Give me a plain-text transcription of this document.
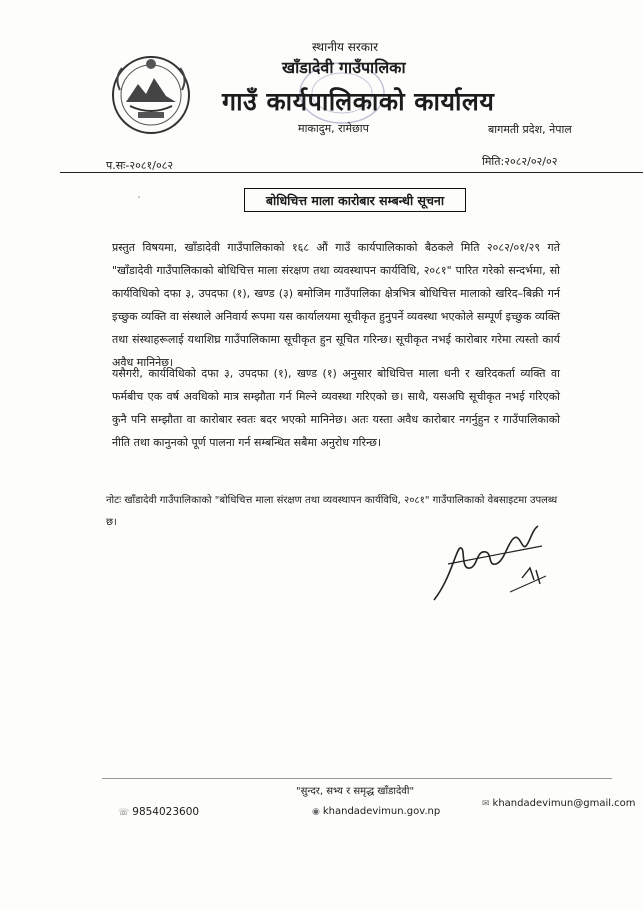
स्थानीय सरकार
खाँडादेवी गाउँपालिका
गाउँ कार्यपालिकाको कार्यालय
माकादुम, रामेछाप	बागमती प्रदेश, नेपाल
प.सः-२०८१/०८२	मिति:२०८२/०२/०२
बोधिचित्त माला कारोबार सम्बन्धी सूचना
ˊ
प्रस्तुत विषयमा, खाँडादेवी गाउँपालिकाको १६८ औं गाउँ कार्यपालिकाको बैठकले मिति २०८२/०१/२९ गते "खाँडादेवी गाउँपालिकाको बोधिचित्त माला संरक्षण तथा व्यवस्थापन कार्यविधि, २०८१" पारित गरेको सन्दर्भमा, सो कार्यविधिको दफा ३, उपदफा (१), खण्ड (३) बमोजिम गाउँपालिका क्षेत्रभित्र बोधिचित्त मालाको खरिद–बिक्री गर्न इच्छुक व्यक्ति वा संस्थाले अनिवार्य रूपमा यस कार्यालयमा सूचीकृत हुनुपर्ने व्यवस्था भएकोले सम्पूर्ण इच्छुक व्यक्ति तथा संस्थाहरूलाई यथाशिघ्र गाउँपालिकामा सूचीकृत हुन सूचित गरिन्छ। सूचीकृत नभई कारोबार गरेमा त्यस्तो कार्य अवैध मानिनेछ।
यसैगरी, कार्यविधिको दफा ३, उपदफा (१), खण्ड (१) अनुसार बोधिचित्त माला धनी र खरिदकर्ता व्यक्ति वा फर्मबीच एक वर्ष अवधिको मात्र सम्झौता गर्न मिल्ने व्यवस्था गरिएको छ। साथै, यसअघि सूचीकृत नभई गरिएको कुनै पनि सम्झौता वा कारोबार स्वतः बदर भएको मानिनेछ। अतः यस्ता अवैध कारोबार नगर्नुहुन र गाउँपालिकाको नीति तथा कानुनको पूर्ण पालना गर्न सम्बन्धित सबैमा अनुरोध गरिन्छ।
नोटः खाँडादेवी गाउँपालिकाको "बोधिचित्त माला संरक्षण तथा व्यवस्थापन कार्यविधि, २०८१" गाउँपालिकाको वेबसाइटमा उपलब्ध छ।
"सुन्दर, सभ्य र समृद्ध खाँडादेवी"
☏ 9854023600	◉ khandadevimun.gov.np
✉ khandadevimun@gmail.com
